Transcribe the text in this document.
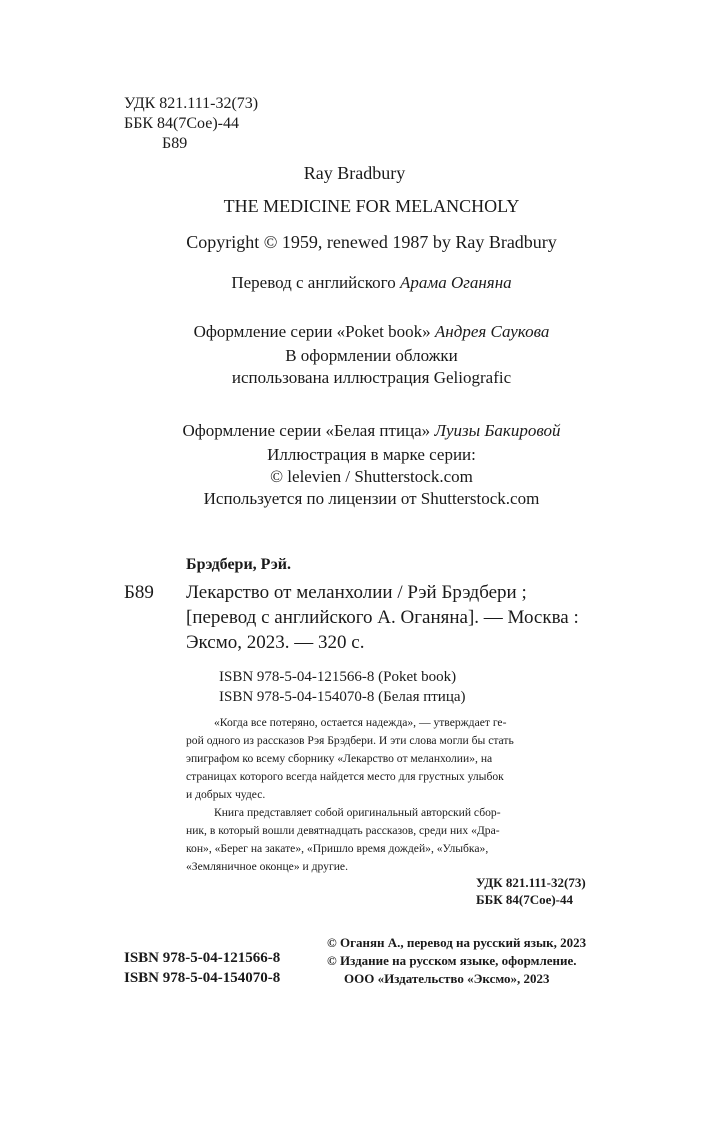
УДК 821.111-32(73)
ББК 84(7Сое)-44
Б89
Ray Bradbury
THE MEDICINE FOR MELANCHOLY
Copyright © 1959, renewed 1987 by Ray Bradbury
Перевод с английского Арама Оганяна
Оформление серии «Poket book» Андрея Саукова
В оформлении обложки
использована иллюстрация Geliografic
Оформление серии «Белая птица» Луизы Бакировой
Иллюстрация в марке серии:
© lelevien / Shutterstock.com
Используется по лицензии от Shutterstock.com
Брэдбери, Рэй.
Б89 Лекарство от меланхолии / Рэй Брэдбери ;
[перевод с английского А. Оганяна]. — Москва :
Эксмо, 2023. — 320 с.
ISBN 978-5-04-121566-8 (Poket book)
ISBN 978-5-04-154070-8 (Белая птица)
«Когда все потеряно, остается надежда», — утверждает ге-
рой одного из рассказов Рэя Брэдбери. И эти слова могли бы стать
эпиграфом ко всему сборнику «Лекарство от меланхолии», на
страницах которого всегда найдется место для грустных улыбок
и добрых чудес.
Книга представляет собой оригинальный авторский сбор-
ник, в который вошли девятнадцать рассказов, среди них «Дра-
кон», «Берег на закате», «Пришло время дождей», «Улыбка»,
«Земляничное оконце» и другие.
УДК 821.111-32(73)
ББК 84(7Сое)-44
ISBN 978-5-04-121566-8
ISBN 978-5-04-154070-8
© Оганян А., перевод на русский язык, 2023
© Издание на русском языке, оформление.
ООО «Издательство «Эксмо», 2023
